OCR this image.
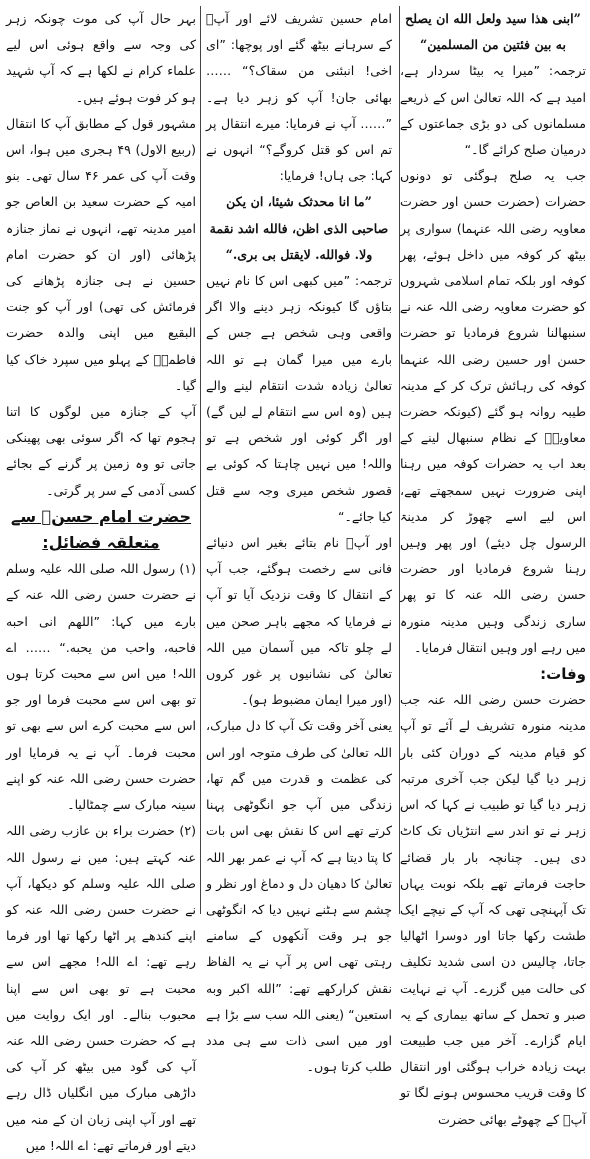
”ابنی هذا سید ولعل الله ان یصلح به بین فئتین من المسلمین“

ترجمہ: ”میرا یہ بیٹا سردار ہے، امید ہے کہ اللہ تعالیٰ اس کے ذریعے مسلمانوں کی دو بڑی جماعتوں کے درمیان صلح کرائے گا۔“

جب یہ صلح ہوگئی تو دونوں حضرات (حضرت حسن اور حضرت معاویہ رضی اللہ عنہما) سواری پر بیٹھ کر کوفہ میں داخل ہوئے، پھر کوفہ اور بلکہ تمام اسلامی شہروں کو حضرت معاویہ رضی اللہ عنہ نے سنبھالنا شروع فرمادیا تو حضرت حسن اور حسین رضی اللہ عنہما کوفہ کی رہائش ترک کر کے مدینہ طیبہ روانہ ہو گئے (کیونکہ حضرت معاویہؓ کے نظام سنبھال لینے کے بعد اب یہ حضرات کوفہ میں رہنا اپنی ضرورت نہیں سمجھتے تھے، اس لیے اسے چھوڑ کر مدینۃ الرسول چل دیئے) اور پھر وہیں رہنا شروع فرمادیا اور حضرت حسن رضی اللہ عنہ کا تو پھر ساری زندگی وہیں مدینہ منورہ میں رہے اور وہیں انتقال فرمایا۔

وفات:

حضرت حسن رضی اللہ عنہ جب مدینہ منورہ تشریف لے آئے تو آپ کو قیام مدینہ کے دوران کئی بار زہر دیا گیا لیکن جب آخری مرتبہ زہر دیا گیا تو طبیب نے کہا کہ اس زہر نے تو اندر سے انتڑیاں تک کاٹ دی ہیں۔ چنانچہ بار بار قضائے حاجت فرماتے تھے بلکہ نوبت یہاں تک آپہنچی تھی کہ آپ کے نیچے ایک طشت رکھا جاتا اور دوسرا اٹھالیا جاتا، چالیس دن اسی شدید تکلیف کی حالت میں گزرے۔ آپ نے نہایت صبر و تحمل کے ساتھ بیماری کے یہ ایام گزارے۔ آخر میں جب طبیعت بہت زیادہ خراب ہوگئی اور انتقال کا وقت قریب محسوس ہونے لگا تو آپؓ کے چھوٹے بھائی حضرت

امام حسین تشریف لائے اور آپؓ کے سرہانے بیٹھ گئے اور پوچھا: ”ای اخی! انبئنی من سقاک؟“ …… بھائی جان! آپ کو زہر دیا ہے۔ ”…… آپ نے فرمایا: میرے انتقال پر تم اس کو قتل کروگے؟“ انہوں نے کہا: جی ہاں! فرمایا:

”ما انا محدثک شیئا، ان یکن صاحبی الذی اظن، فالله اشد نقمة ولا. فوالله. لایقتل بی بری.“

ترجمہ: ”میں کبھی اس کا نام نہیں بتاؤں گا کیونکہ زہر دینے والا اگر واقعی وہی شخص ہے جس کے بارے میں میرا گمان ہے تو اللہ تعالیٰ زیادہ شدت انتقام لینے والے ہیں (وہ اس سے انتقام لے لیں گے) اور اگر کوئی اور شخص ہے تو واللہ! میں نہیں چاہتا کہ کوئی بے قصور شخص میری وجہ سے قتل کیا جائے۔“

اور آپؓ نام بتائے بغیر اس دنیائے فانی سے رخصت ہوگئے، جب آپ کے انتقال کا وقت نزدیک آیا تو آپ نے فرمایا کہ مجھے باہر صحن میں لے چلو تاکہ میں آسمان میں اللہ تعالیٰ کی نشانیوں پر غور کروں (اور میرا ایمان مضبوط ہو)۔

یعنی آخر وقت تک آپ کا دل مبارک، اللہ تعالیٰ کی طرف متوجہ اور اس کی عظمت و قدرت میں گم تھا، زندگی میں آپ جو انگوٹھی پہنا کرتے تھے اس کا نقش بھی اس بات کا پتا دیتا ہے کہ آپ نے عمر بھر اللہ تعالیٰ کا دھیان دل و دماغ اور نظر و چشم سے ہٹنے نہیں دیا کہ انگوٹھی جو ہر وقت آنکھوں کے سامنے رہتی تھی اس پر آپ نے یہ الفاظ نقش کرارکھے تھے: ”الله اکبر وبه استعین“ (یعنی اللہ سب سے بڑا ہے اور میں اسی ذات سے ہی مدد طلب کرتا ہوں۔

بہر حال آپ کی موت چونکہ زہر کی وجہ سے واقع ہوئی اس لیے علماء کرام نے لکھا ہے کہ آپ شہید ہو کر فوت ہوئے ہیں۔

مشہور قول کے مطابق آپ کا انتقال (ربیع الاول) ۴۹ ہجری میں ہوا، اس وقت آپ کی عمر ۴۶ سال تھی۔ بنو امیہ کے حضرت سعید بن العاص جو امیر مدینہ تھے، انہوں نے نماز جنازہ پڑھائی (اور ان کو حضرت امام حسین نے ہی جنازہ پڑھانے کی فرمائش کی تھی) اور آپ کو جنت البقیع میں اپنی والدہ حضرت فاطمہؓ کے پہلو میں سپرد خاک کیا گیا۔

آپ کے جنازہ میں لوگوں کا اتنا ہجوم تھا کہ اگر سوئی بھی پھینکی جاتی تو وہ زمین پر گرنے کے بجائے کسی آدمی کے سر پر گرتی۔

حضرت امام حسنؓ سے متعلقہ فضائل:

(۱) رسول اللہ صلی اللہ علیہ وسلم نے حضرت حسن رضی اللہ عنہ کے بارے میں کہا: ”اللهم انی احبه فاحبه، واحب من یحبه.“ …… اے اللہ! میں اس سے محبت کرتا ہوں تو بھی اس سے محبت فرما اور جو اس سے محبت کرے اس سے بھی تو محبت فرما۔ آپ نے یہ فرمایا اور حضرت حسن رضی اللہ عنہ کو اپنے سینہ مبارک سے چمٹالیا۔

(۲) حضرت براء بن عازب رضی اللہ عنہ کہتے ہیں: میں نے رسول اللہ صلی اللہ علیہ وسلم کو دیکھا، آپ نے حضرت حسن رضی اللہ عنہ کو اپنے کندھے پر اٹھا رکھا تھا اور فرما رہے تھے: اے اللہ! مجھے اس سے محبت ہے تو بھی اس سے اپنا محبوب بنالے۔ اور ایک روایت میں ہے کہ حضرت حسن رضی اللہ عنہ آپ کی گود میں بیٹھ کر آپ کی داڑھی مبارک میں انگلیاں ڈال رہے تھے اور آپ اپنی زبان ان کے منہ میں دیتے اور فرماتے تھے: اے اللہ! میں
